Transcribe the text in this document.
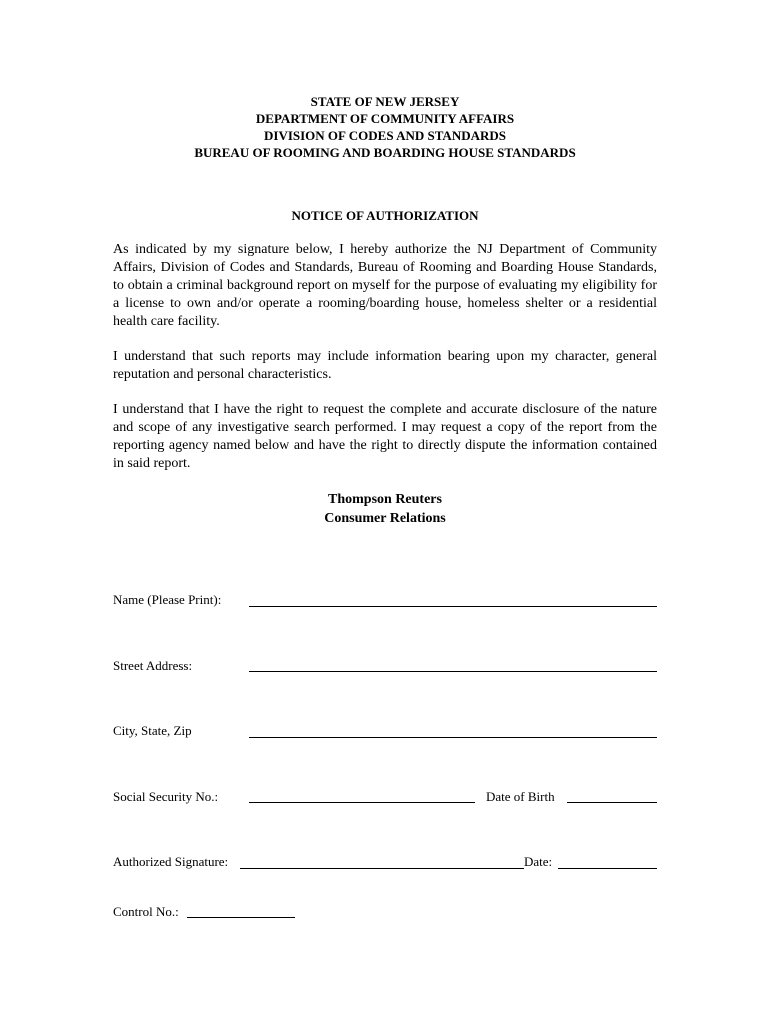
STATE OF NEW JERSEY
DEPARTMENT OF COMMUNITY AFFAIRS
DIVISION OF CODES AND STANDARDS
BUREAU OF ROOMING AND BOARDING HOUSE STANDARDS
NOTICE OF AUTHORIZATION
As indicated by my signature below, I hereby authorize the NJ Department of Community Affairs, Division of Codes and Standards, Bureau of Rooming and Boarding House Standards, to obtain a criminal background report on myself for the purpose of evaluating my eligibility for a license to own and/or operate a rooming/boarding house, homeless shelter or a residential health care facility.
I understand that such reports may include information bearing upon my character, general reputation and personal characteristics.
I understand that I have the right to request the complete and accurate disclosure of the nature and scope of any investigative search performed. I may request a copy of the report from the reporting agency named below and have the right to directly dispute the information contained in said report.
Thompson Reuters
Consumer Relations
Name (Please Print):
Street Address:
City, State, Zip
Social Security No.:	Date of Birth
Authorized Signature:	Date:
Control No.:
